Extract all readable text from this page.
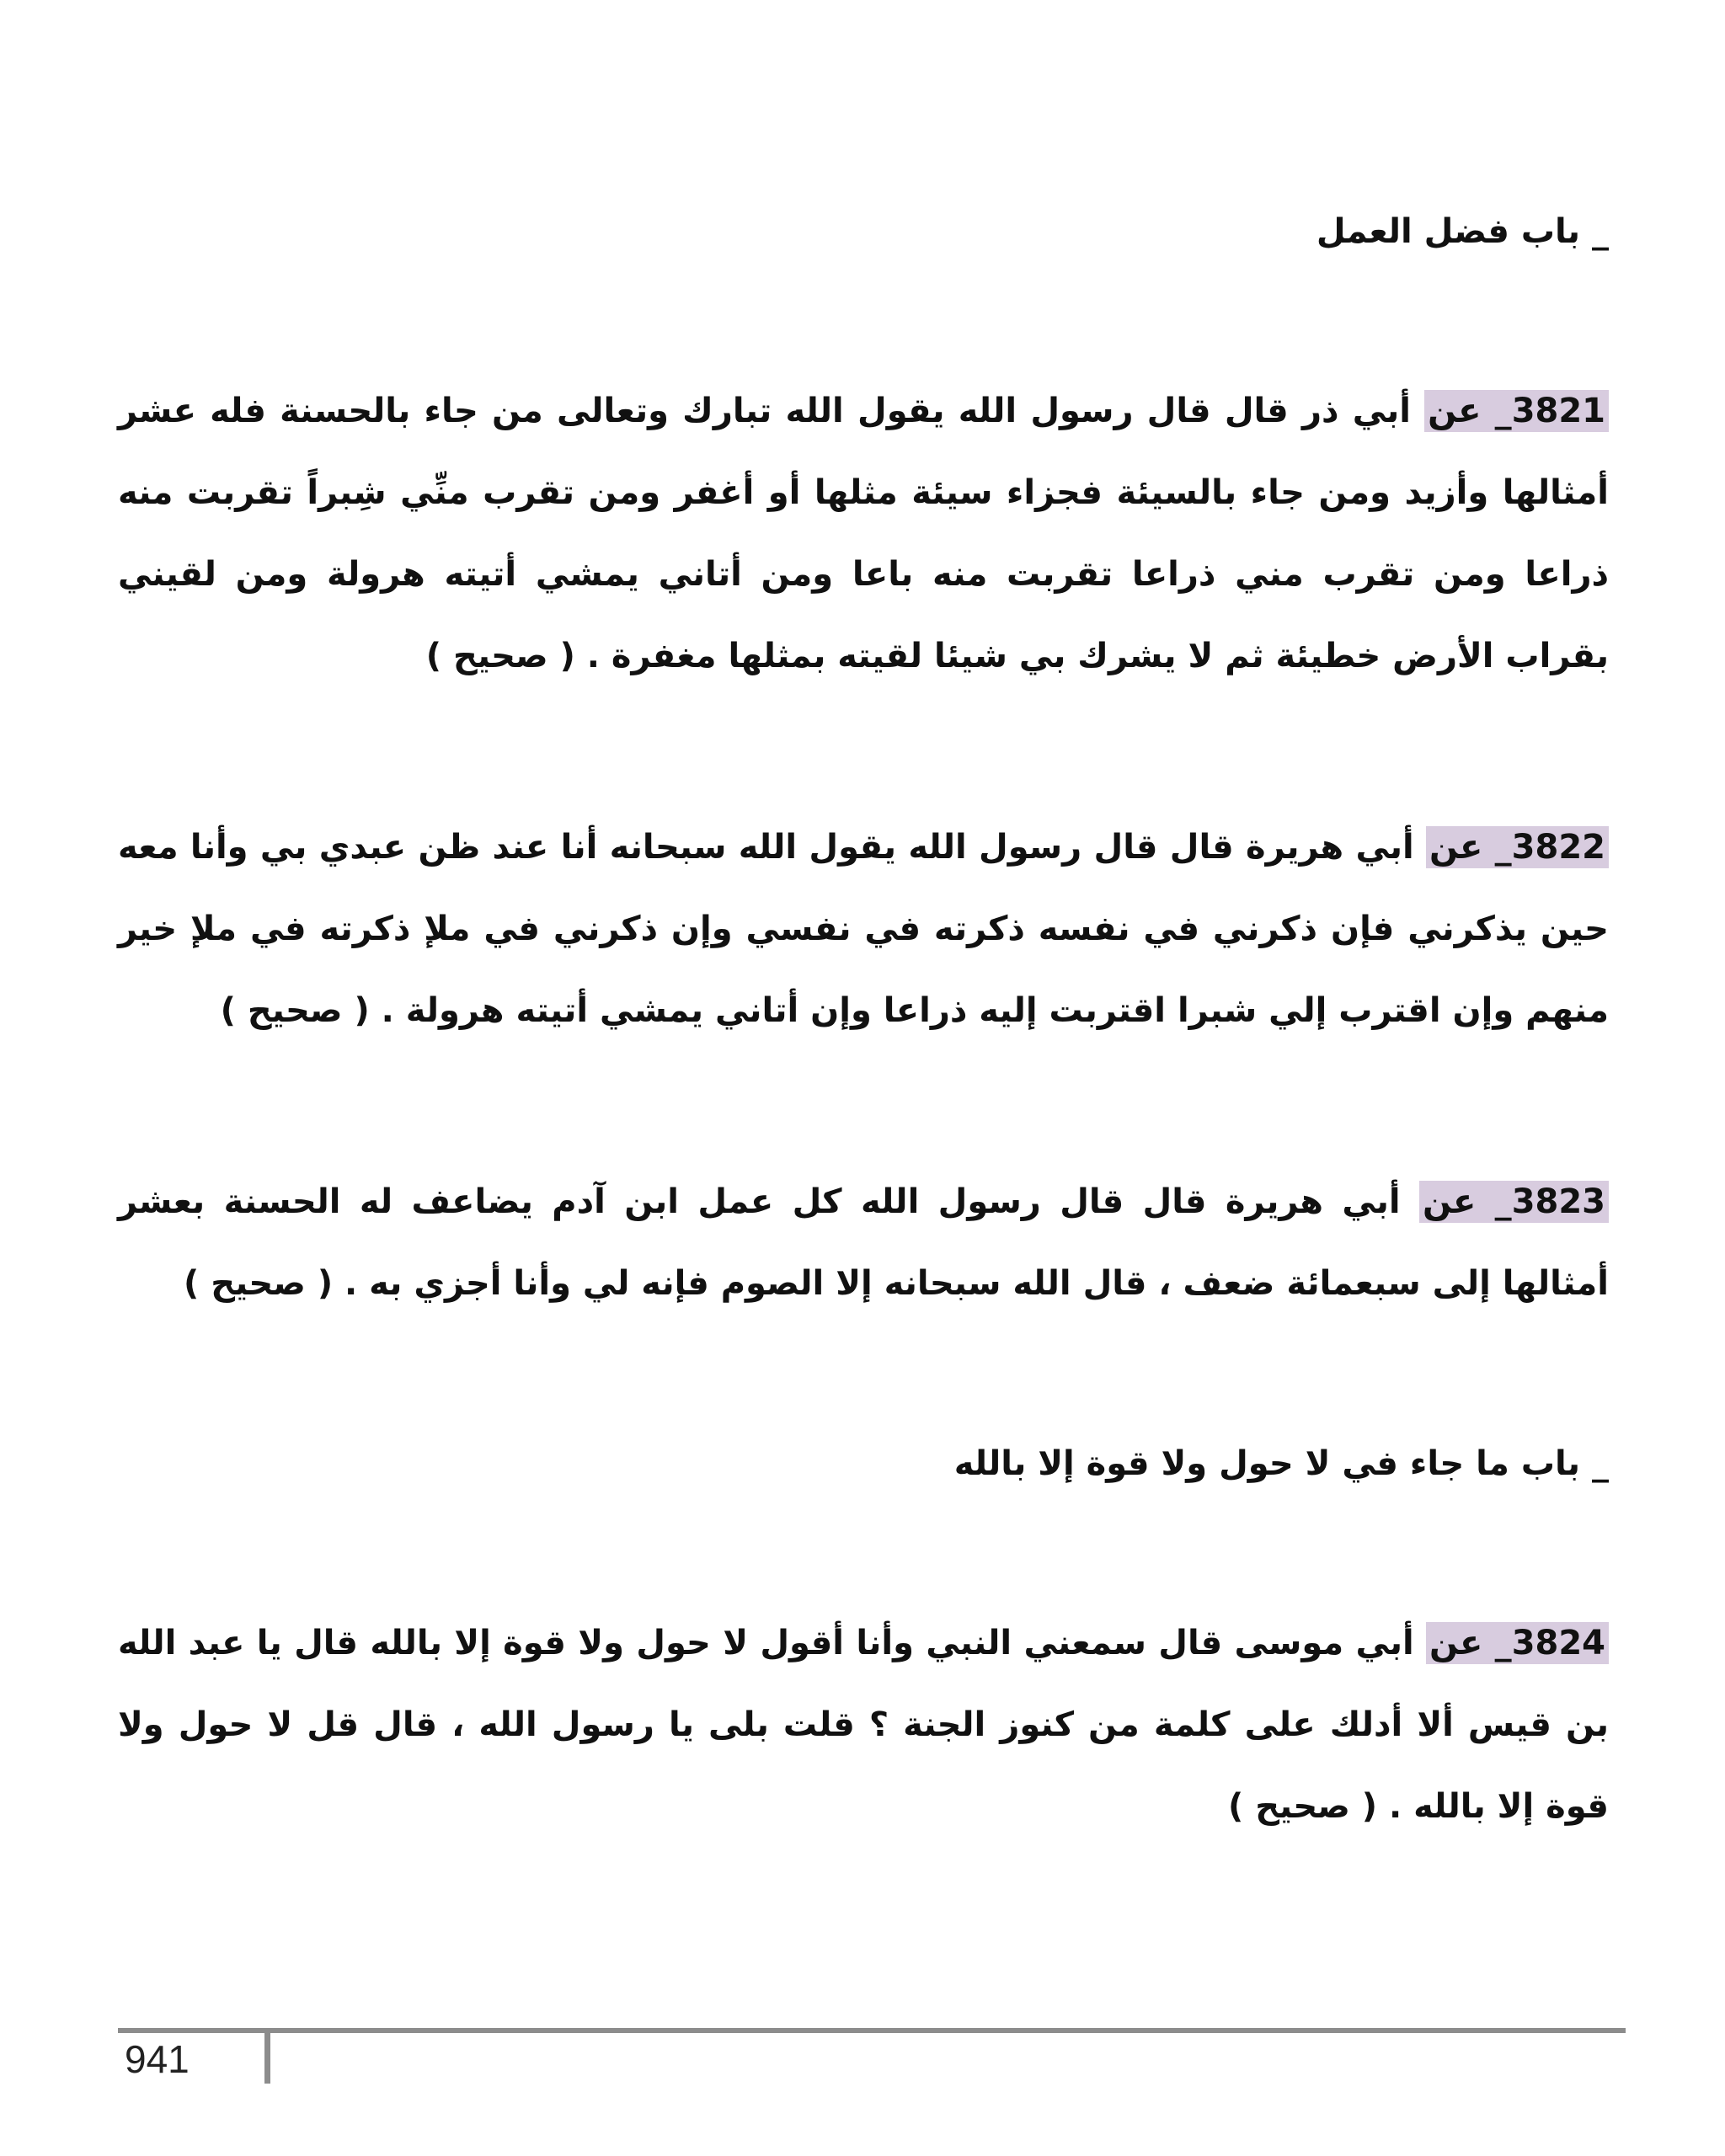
_ باب فضل العمل

3821_ عن أبي ذر قال قال رسول الله يقول الله تبارك وتعالى من جاء بالحسنة فله عشر أمثالها وأزيد ومن جاء بالسيئة فجزاء سيئة مثلها أو أغفر ومن تقرب منِّي شِبراً تقربت منه ذراعا ومن تقرب مني ذراعا تقربت منه باعا ومن أتاني يمشي أتيته هرولة ومن لقيني بقراب الأرض خطيئة ثم لا يشرك بي شيئا لقيته بمثلها مغفرة . ( صحيح )

3822_ عن أبي هريرة قال قال رسول الله يقول الله سبحانه أنا عند ظن عبدي بي وأنا معه حين يذكرني فإن ذكرني في نفسه ذكرته في نفسي وإن ذكرني في ملإ ذكرته في ملإ خير منهم وإن اقترب إلي شبرا اقتربت إليه ذراعا وإن أتاني يمشي أتيته هرولة . ( صحيح )

3823_ عن أبي هريرة قال قال رسول الله كل عمل ابن آدم يضاعف له الحسنة بعشر أمثالها إلى سبعمائة ضعف ، قال الله سبحانه إلا الصوم فإنه لي وأنا أجزي به . ( صحيح )

_ باب ما جاء في لا حول ولا قوة إلا بالله

3824_ عن أبي موسى قال سمعني النبي وأنا أقول لا حول ولا قوة إلا بالله قال يا عبد الله بن قيس ألا أدلك على كلمة من كنوز الجنة ؟ قلت بلى يا رسول الله ، قال قل لا حول ولا قوة إلا بالله . ( صحيح )

941
